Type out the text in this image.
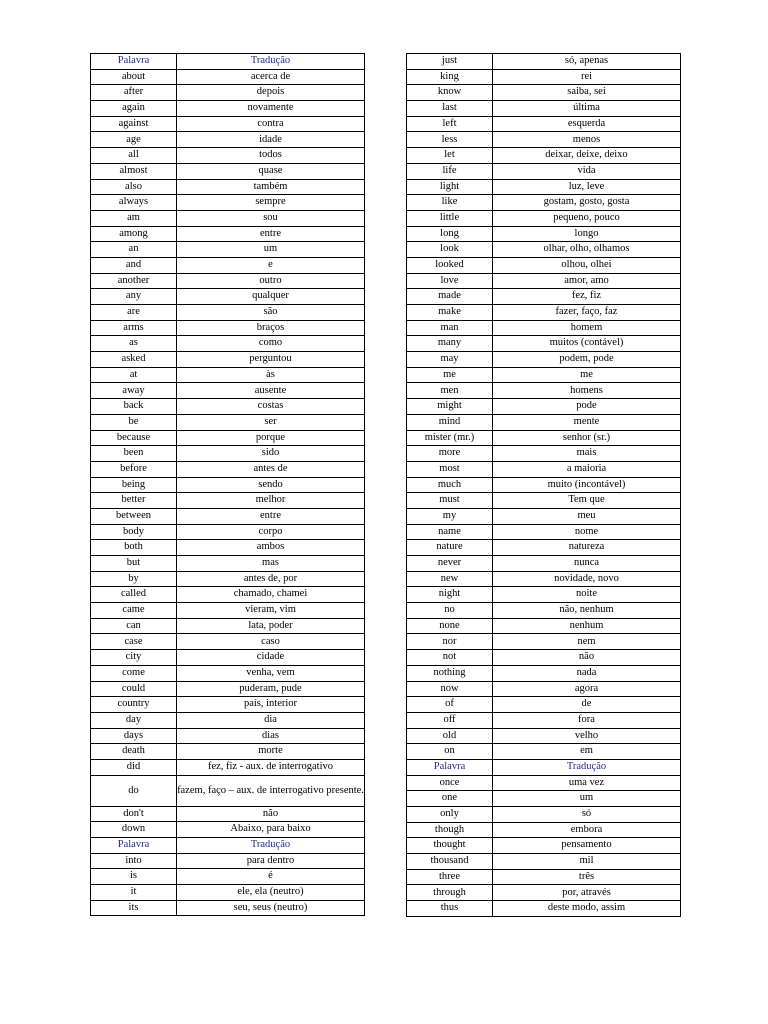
Palavra	Tradução
about	acerca de
after	depois
again	novamente
against	contra
age	idade
all	todos
almost	quase
also	também
always	sempre
am	sou
among	entre
an	um
and	e
another	outro
any	qualquer
are	são
arms	braços
as	como
asked	perguntou
at	às
away	ausente
back	costas
be	ser
because	porque
been	sido
before	antes de
being	sendo
better	melhor
between	entre
body	corpo
both	ambos
but	mas
by	antes de, por
called	chamado, chamei
came	vieram, vim
can	lata, poder
case	caso
city	cidade
come	venha, vem
could	puderam, pude
country	país, interior
day	dia
days	dias
death	morte
did	fez, fiz - aux. de interrogativo
do	fazem, faço – aux. de interrogativo presente.
don't	não
down	Abaixo, para baixo
Palavra	Tradução
into	para dentro
is	é
it	ele, ela (neutro)
its	seu, seus (neutro)
just	só, apenas
king	rei
know	saiba, sei
last	última
left	esquerda
less	menos
let	deixar, deixe, deixo
life	vida
light	luz, leve
like	gostam, gosto, gosta
little	pequeno, pouco
long	longo
look	olhar, olho, olhamos
looked	olhou, olhei
love	amor, amo
made	fez, fiz
make	fazer, faço, faz
man	homem
many	muitos (contável)
may	podem, pode
me	me
men	homens
might	pode
mind	mente
mister (mr.)	senhor (sr.)
more	mais
most	a maioria
much	muito (incontável)
must	Tem que
my	meu
name	nome
nature	natureza
never	nunca
new	novidade, novo
night	noite
no	não, nenhum
none	nenhum
nor	nem
not	não
nothing	nada
now	agora
of	de
off	fora
old	velho
on	em
Palavra	Tradução
once	uma vez
one	um
only	só
though	embora
thought	pensamento
thousand	mil
three	três
through	por, através
thus	deste modo, assim
